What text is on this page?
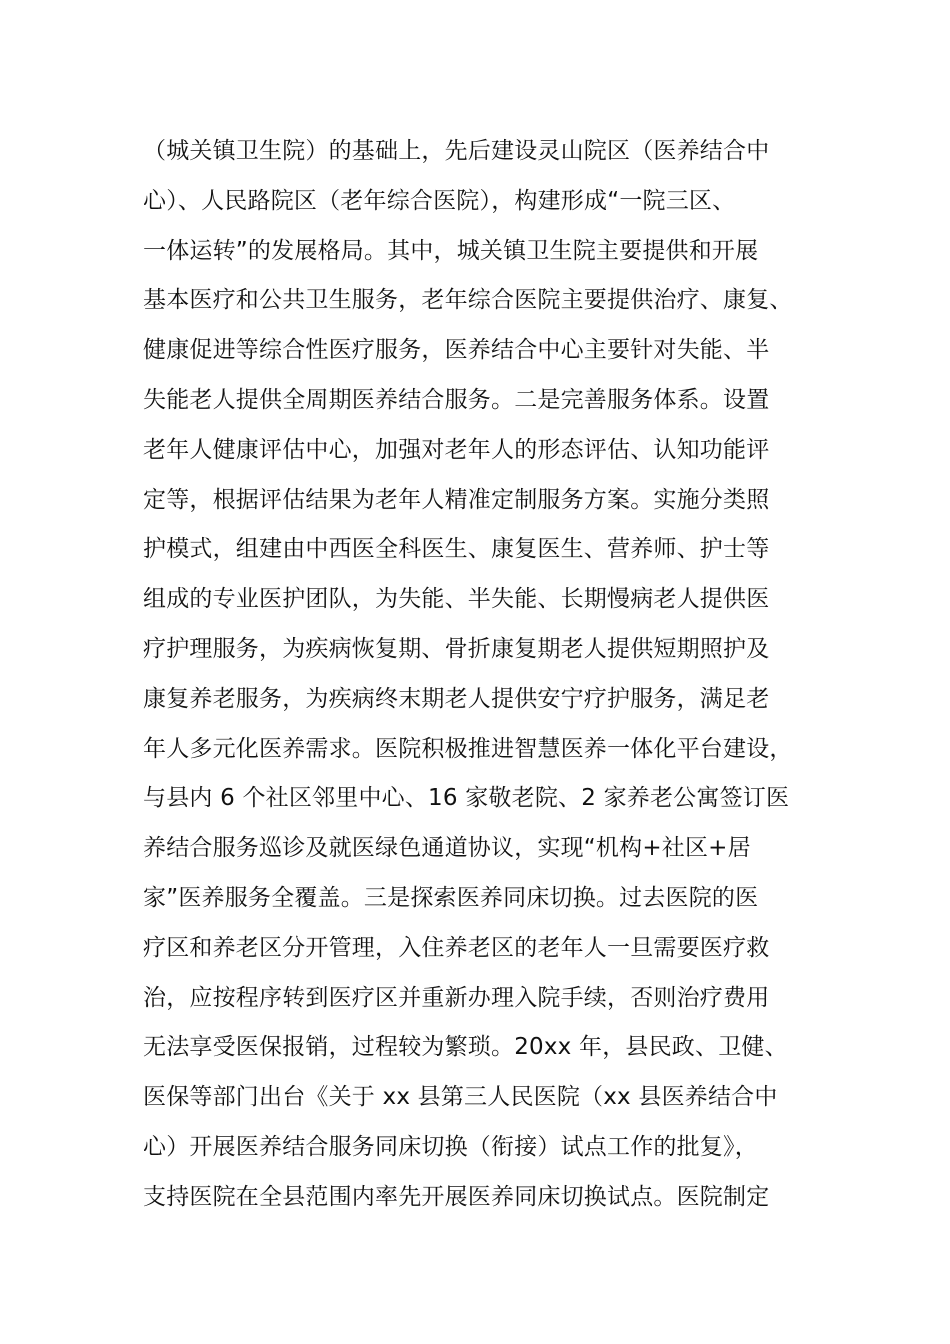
（城关镇卫生院）的基础上，先后建设灵山院区（医养结合中
心）、人民路院区（老年综合医院），构建形成“一院三区、
一体运转”的发展格局。其中，城关镇卫生院主要提供和开展
基本医疗和公共卫生服务，老年综合医院主要提供治疗、康复、
健康促进等综合性医疗服务，医养结合中心主要针对失能、半
失能老人提供全周期医养结合服务。二是完善服务体系。设置
老年人健康评估中心，加强对老年人的形态评估、认知功能评
定等，根据评估结果为老年人精准定制服务方案。实施分类照
护模式，组建由中西医全科医生、康复医生、营养师、护士等
组成的专业医护团队，为失能、半失能、长期慢病老人提供医
疗护理服务，为疾病恢复期、骨折康复期老人提供短期照护及
康复养老服务，为疾病终末期老人提供安宁疗护服务，满足老
年人多元化医养需求。医院积极推进智慧医养一体化平台建设，
与县内 6 个社区邻里中心、16 家敬老院、2 家养老公寓签订医
养结合服务巡诊及就医绿色通道协议，实现“机构+社区+居
家”医养服务全覆盖。三是探索医养同床切换。过去医院的医
疗区和养老区分开管理，入住养老区的老年人一旦需要医疗救
治，应按程序转到医疗区并重新办理入院手续，否则治疗费用
无法享受医保报销，过程较为繁琐。20xx 年，县民政、卫健、
医保等部门出台《关于 xx 县第三人民医院（xx 县医养结合中
心）开展医养结合服务同床切换（衔接）试点工作的批复》，
支持医院在全县范围内率先开展医养同床切换试点。医院制定
